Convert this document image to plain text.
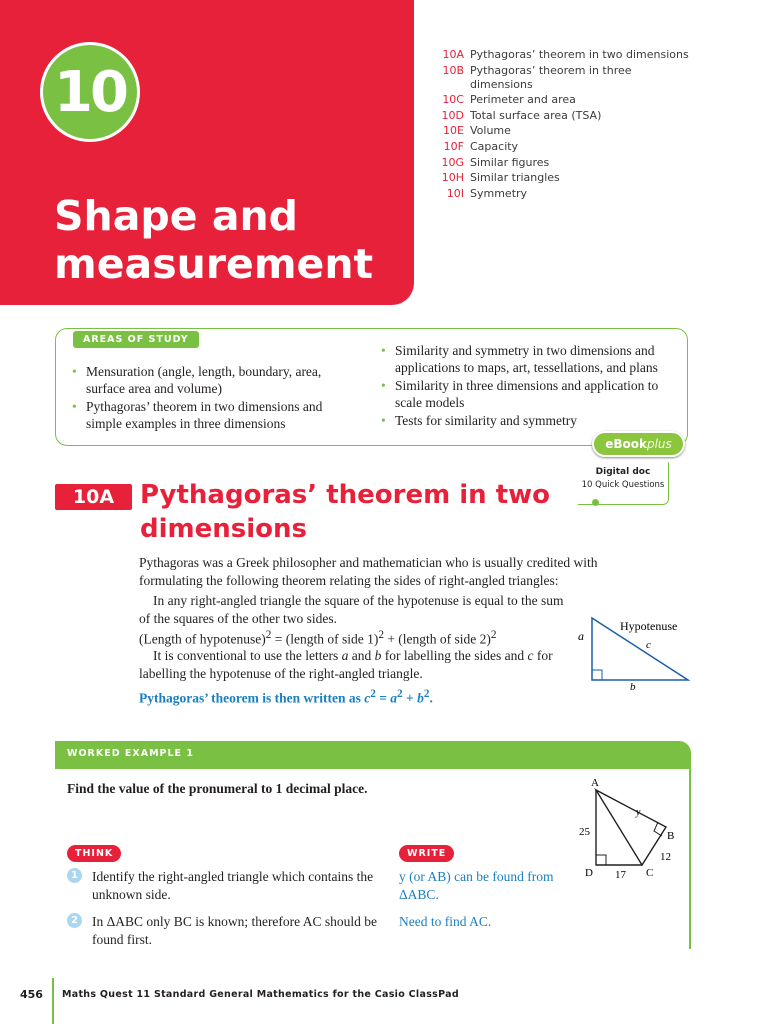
10
Shape and measurement
10A Pythagoras’ theorem in two dimensions
10B Pythagoras’ theorem in three dimensions
10C Perimeter and area
10D Total surface area (TSA)
10E Volume
10F Capacity
10G Similar figures
10H Similar triangles
10I Symmetry
AREAS OF STUDY
• Mensuration (angle, length, boundary, area, surface area and volume)
• Pythagoras’ theorem in two dimensions and simple examples in three dimensions
• Similarity and symmetry in two dimensions and applications to maps, art, tessellations, and plans
• Similarity in three dimensions and application to scale models
• Tests for similarity and symmetry
eBook plus
Digital doc
10 Quick Questions
10A Pythagoras’ theorem in two dimensions

Pythagoras was a Greek philosopher and mathematician who is usually credited with formulating the following theorem relating the sides of right-angled triangles:

In any right-angled triangle the square of the hypotenuse is equal to the sum of the squares of the other two sides.

(Length of hypotenuse)$^2$ = (length of side 1)$^2$ + (length of side 2)$^2$

It is conventional to use the letters a and b for labelling the sides and c for labelling the hypotenuse of the right-angled triangle.

Pythagoras’ theorem is then written as $c^2 = a^2 + b^2$.

Hypotenuse
a
c
b
WORKED EXAMPLE 1

Find the value of the pronumeral to 1 decimal place.

THINK	WRITE
1 Identify the right-angled triangle which contains the unknown side.

y (or AB) can be found from ΔABC.

2 In ΔABC only BC is known; therefore AC should be found first.

Need to find AC.

A
B
C
D
y
25
12
17
456 Maths Quest 11 Standard General Mathematics for the Casio ClassPad
